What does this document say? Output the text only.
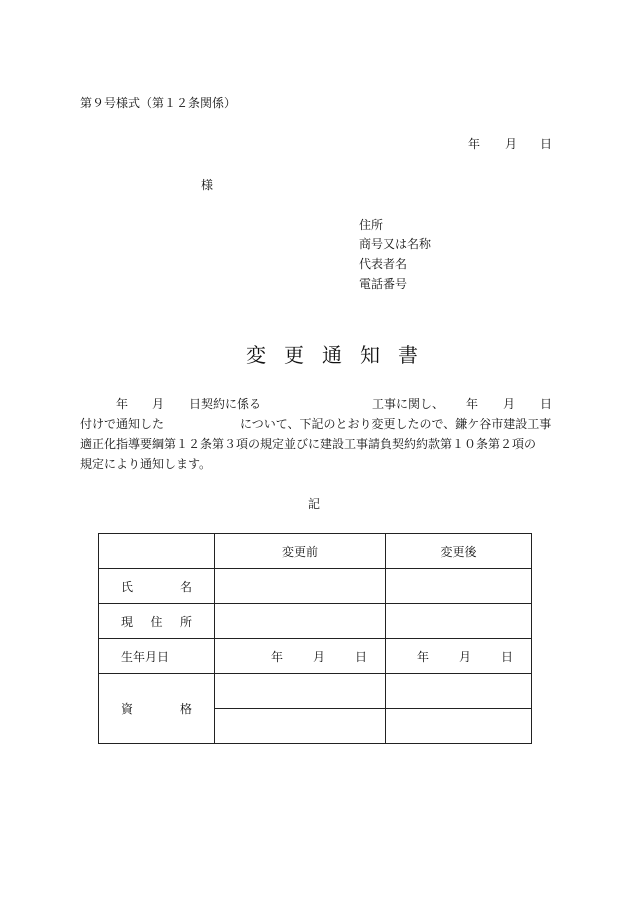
第９号様式（第１２条関係）
年 月 日
様
住所
商号又は名称
代表者名
電話番号
変 更 通 知 書
年 月 日契約に係る	工事に関し、 年 月 日
付けで通知した	について、下記のとおり変更したので、鎌ケ谷市建設工事
適正化指導要綱第１２条第３項の規定並びに建設工事請負契約約款第１０条第２項の
規定により通知します。
記
	変更前	変更後

氏 名		

現 住 所		

生年月日	年 月 日	年 月 日

資 格		
